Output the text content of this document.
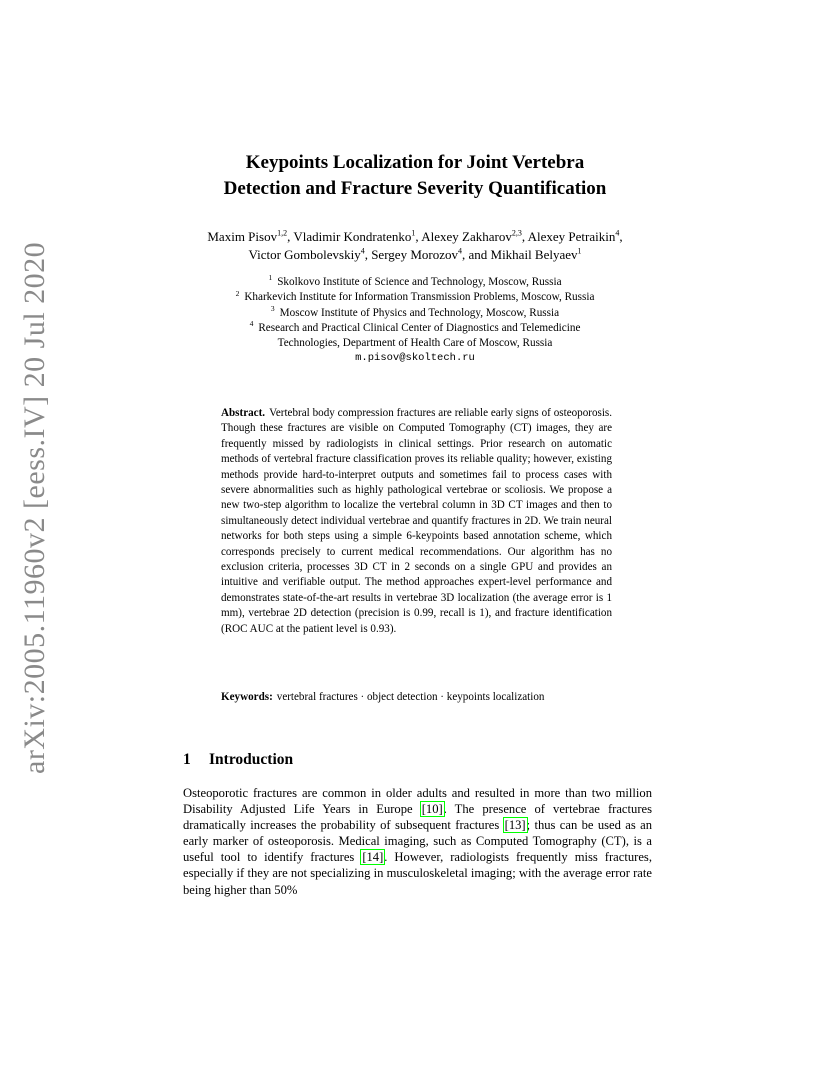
arXiv:2005.11960v2 [eess.IV] 20 Jul 2020
Keypoints Localization for Joint Vertebra
Detection and Fracture Severity Quantification
Maxim Pisov$^{1,2}$, Vladimir Kondratenko$^1$, Alexey Zakharov$^{2,3}$, Alexey Petraikin$^4$, Victor Gombolevskiy$^4$, Sergey Morozov$^4$, and Mikhail Belyaev$^1$
$^1$ Skolkovo Institute of Science and Technology, Moscow, Russia
$^2$ Kharkevich Institute for Information Transmission Problems, Moscow, Russia
$^3$ Moscow Institute of Physics and Technology, Moscow, Russia
$^4$ Research and Practical Clinical Center of Diagnostics and Telemedicine
Technologies, Department of Health Care of Moscow, Russia
m.pisov@skoltech.ru
Abstract. Vertebral body compression fractures are reliable early signs of osteoporosis. Though these fractures are visible on Computed Tomography (CT) images, they are frequently missed by radiologists in clinical settings. Prior research on automatic methods of vertebral fracture classification proves its reliable quality; however, existing methods provide hard-to-interpret outputs and sometimes fail to process cases with severe abnormalities such as highly pathological vertebrae or scoliosis. We propose a new two-step algorithm to localize the vertebral column in 3D CT images and then to simultaneously detect individual vertebrae and quantify fractures in 2D. We train neural networks for both steps using a simple 6-keypoints based annotation scheme, which corresponds precisely to current medical recommendations. Our algorithm has no exclusion criteria, processes 3D CT in 2 seconds on a single GPU and provides an intuitive and verifiable output. The method approaches expert-level performance and demonstrates state-of-the-art results in vertebrae 3D localization (the average error is 1 mm), vertebrae 2D detection (precision is 0.99, recall is 1), and fracture identification (ROC AUC at the patient level is 0.93).
Keywords: vertebral fractures · object detection · keypoints localization
1 Introduction
Osteoporotic fractures are common in older adults and resulted in more than two million Disability Adjusted Life Years in Europe [10]. The presence of vertebrae fractures dramatically increases the probability of subsequent fractures [13]; thus can be used as an early marker of osteoporosis. Medical imaging, such as Computed Tomography (CT), is a useful tool to identify fractures [14]. However, radiologists frequently miss fractures, especially if they are not specializing in musculoskeletal imaging; with the average error rate being higher than 50%
